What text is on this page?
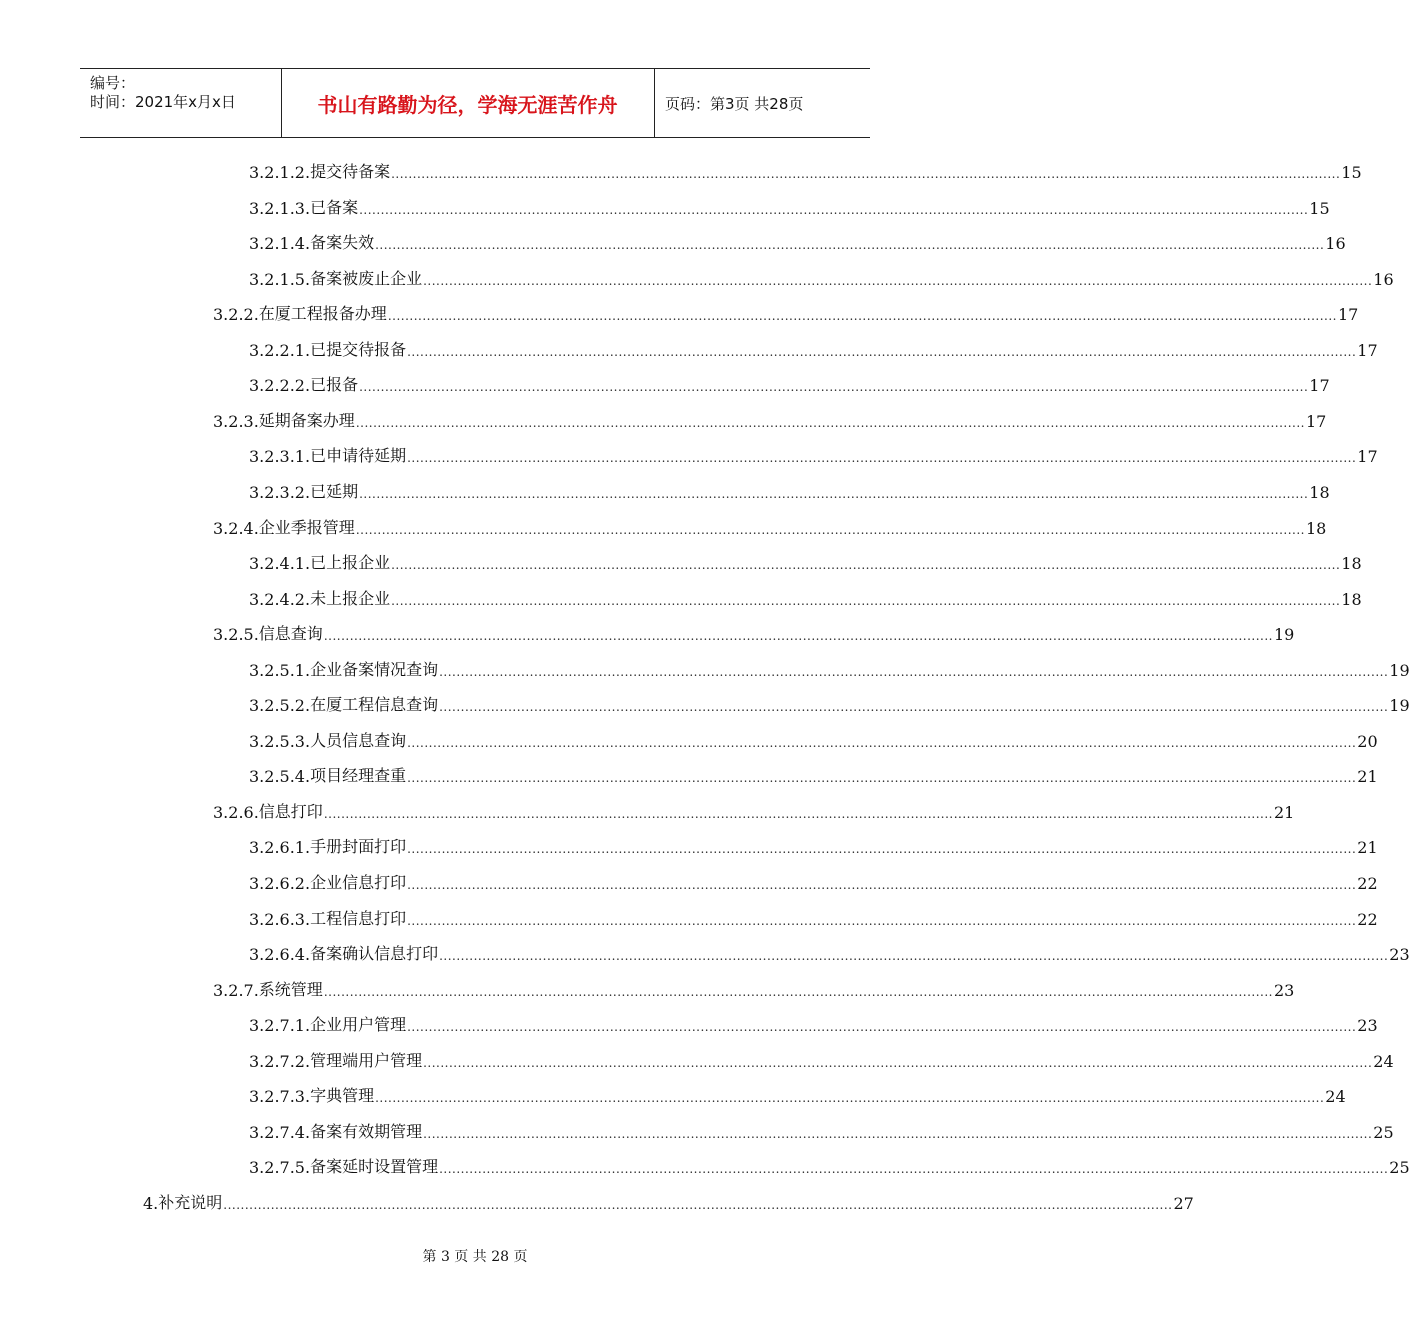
编号：
时间：2021年x月x日	书山有路勤为径，学海无涯苦作舟	页码：第3页 共28页
3.2.1.2. 提交待备案 ............................................................................................................................................................................................................................ 15
3.2.1.3. 已备案 ............................................................................................................................................................................................................................ 15
3.2.1.4. 备案失效 ............................................................................................................................................................................................................................ 16
3.2.1.5. 备案被废止企业 ............................................................................................................................................................................................................................ 16
3.2.2. 在厦工程报备办理 ............................................................................................................................................................................................................................ 17
3.2.2.1. 已提交待报备 ............................................................................................................................................................................................................................ 17
3.2.2.2. 已报备 ............................................................................................................................................................................................................................ 17
3.2.3. 延期备案办理 ............................................................................................................................................................................................................................ 17
3.2.3.1. 已申请待延期 ............................................................................................................................................................................................................................ 17
3.2.3.2. 已延期 ............................................................................................................................................................................................................................ 18
3.2.4. 企业季报管理 ............................................................................................................................................................................................................................ 18
3.2.4.1. 已上报企业 ............................................................................................................................................................................................................................ 18
3.2.4.2. 未上报企业 ............................................................................................................................................................................................................................ 18
3.2.5. 信息查询 ............................................................................................................................................................................................................................ 19
3.2.5.1. 企业备案情况查询 ............................................................................................................................................................................................................................ 19
3.2.5.2. 在厦工程信息查询 ............................................................................................................................................................................................................................ 19
3.2.5.3. 人员信息查询 ............................................................................................................................................................................................................................ 20
3.2.5.4. 项目经理查重 ............................................................................................................................................................................................................................ 21
3.2.6. 信息打印 ............................................................................................................................................................................................................................ 21
3.2.6.1. 手册封面打印 ............................................................................................................................................................................................................................ 21
3.2.6.2. 企业信息打印 ............................................................................................................................................................................................................................ 22
3.2.6.3. 工程信息打印 ............................................................................................................................................................................................................................ 22
3.2.6.4. 备案确认信息打印 ............................................................................................................................................................................................................................ 23
3.2.7. 系统管理 ............................................................................................................................................................................................................................ 23
3.2.7.1. 企业用户管理 ............................................................................................................................................................................................................................ 23
3.2.7.2. 管理端用户管理 ............................................................................................................................................................................................................................ 24
3.2.7.3. 字典管理 ............................................................................................................................................................................................................................ 24
3.2.7.4. 备案有效期管理 ............................................................................................................................................................................................................................ 25
3.2.7.5. 备案延时设置管理 ............................................................................................................................................................................................................................ 25
4. 补充说明 ............................................................................................................................................................................................................................ 27
第 3 页 共 28 页
